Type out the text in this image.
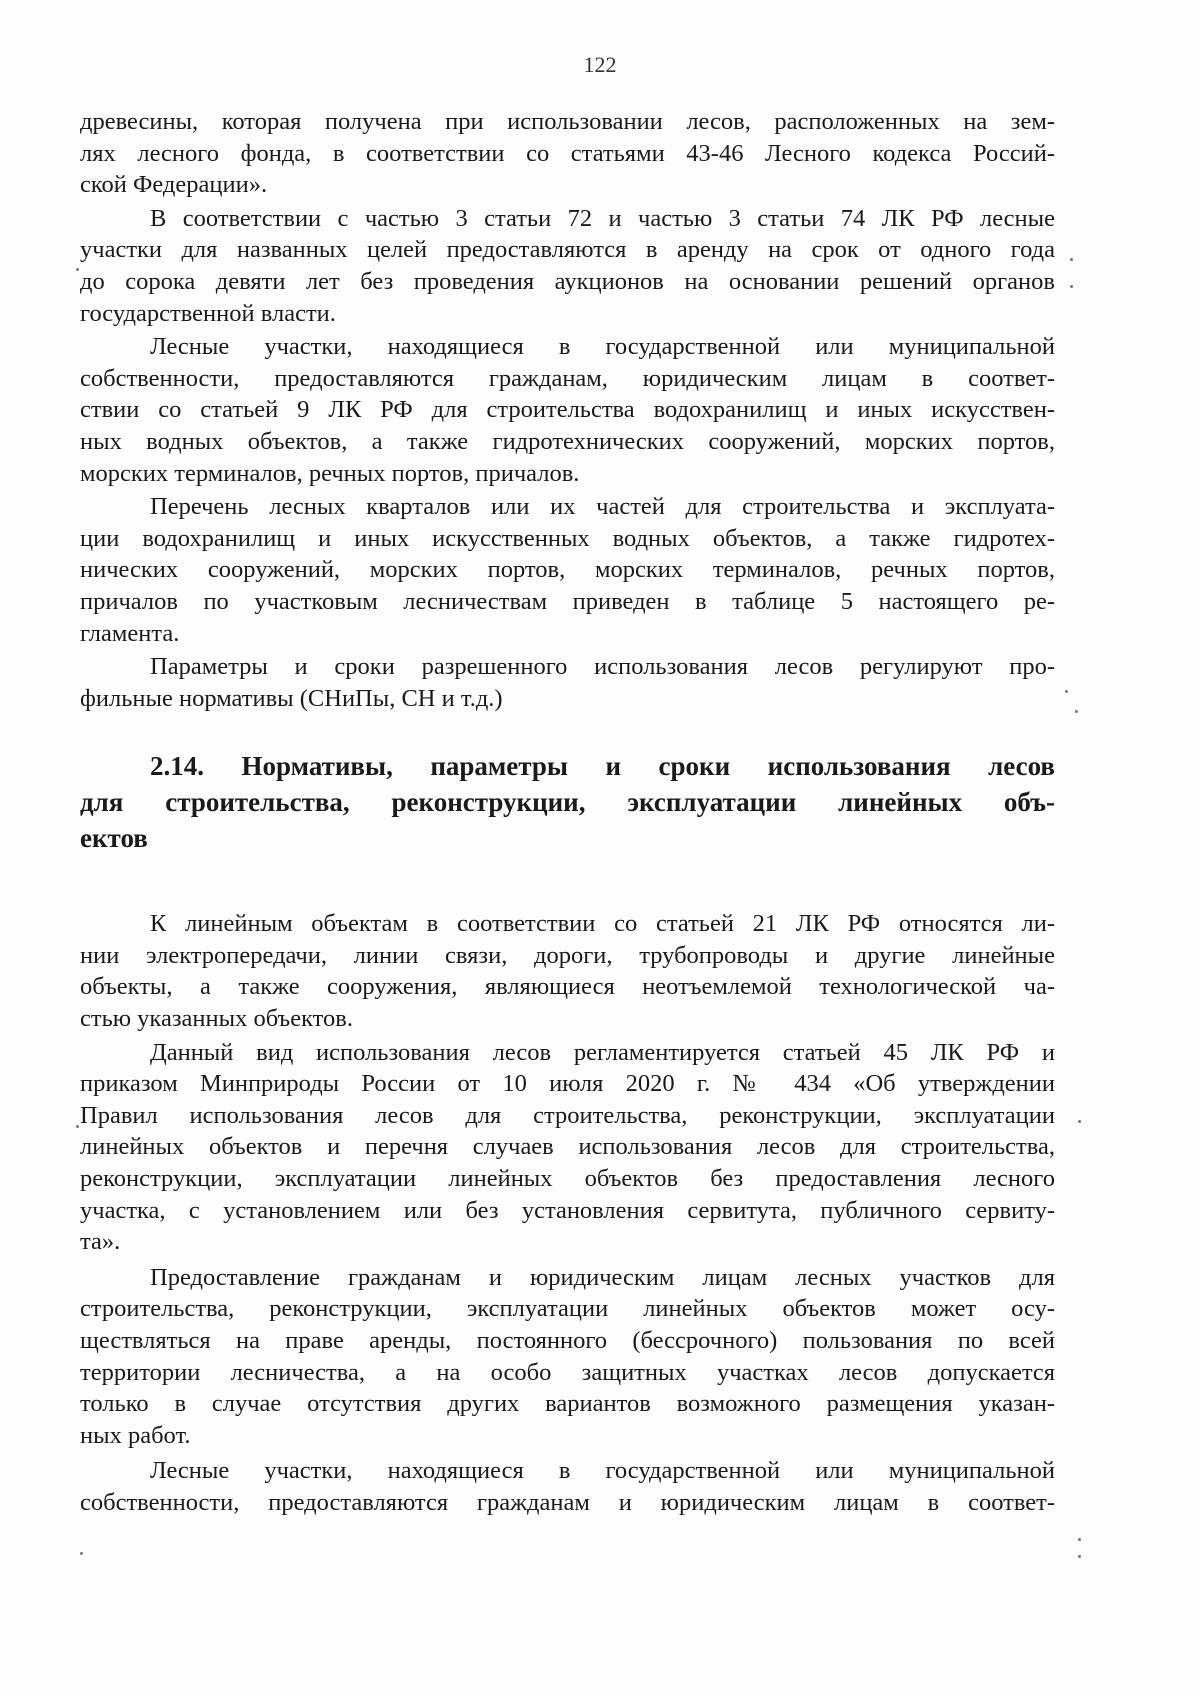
122

древесины, которая получена при использовании лесов, расположенных на зем-
лях лесного фонда, в соответствии со статьями 43-46 Лесного кодекса Россий-
ской Федерации».

В соответствии с частью 3 статьи 72 и частью 3 статьи 74 ЛК РФ лесные
участки для названных целей предоставляются в аренду на срок от одного года
до сорока девяти лет без проведения аукционов на основании решений органов
государственной власти.

Лесные участки, находящиеся в государственной или муниципальной
собственности, предоставляются гражданам, юридическим лицам в соответ-
ствии со статьей 9 ЛК РФ для строительства водохранилищ и иных искусствен-
ных водных объектов, а также гидротехнических сооружений, морских портов,
морских терминалов, речных портов, причалов.

Перечень лесных кварталов или их частей для строительства и эксплуата-
ции водохранилищ и иных искусственных водных объектов, а также гидротех-
нических сооружений, морских портов, морских терминалов, речных портов,
причалов по участковым лесничествам приведен в таблице 5 настоящего ре-
гламента.

Параметры и сроки разрешенного использования лесов регулируют про-
фильные нормативы (СНиПы, СН и т.д.)

2.14. Нормативы, параметры и сроки использования лесов
для строительства, реконструкции, эксплуатации линейных объ-
ектов

К линейным объектам в соответствии со статьей 21 ЛК РФ относятся ли-
нии электропередачи, линии связи, дороги, трубопроводы и другие линейные
объекты, а также сооружения, являющиеся неотъемлемой технологической ча-
стью указанных объектов.

Данный вид использования лесов регламентируется статьей 45 ЛК РФ и
приказом Минприроды России от 10 июля 2020 г. № 434 «Об утверждении
Правил использования лесов для строительства, реконструкции, эксплуатации
линейных объектов и перечня случаев использования лесов для строительства,
реконструкции, эксплуатации линейных объектов без предоставления лесного
участка, с установлением или без установления сервитута, публичного сервиту-
та».

Предоставление гражданам и юридическим лицам лесных участков для
строительства, реконструкции, эксплуатации линейных объектов может осу-
ществляться на праве аренды, постоянного (бессрочного) пользования по всей
территории лесничества, а на особо защитных участках лесов допускается
только в случае отсутствия других вариантов возможного размещения указан-
ных работ.

Лесные участки, находящиеся в государственной или муниципальной
собственности, предоставляются гражданам и юридическим лицам в соответ-
